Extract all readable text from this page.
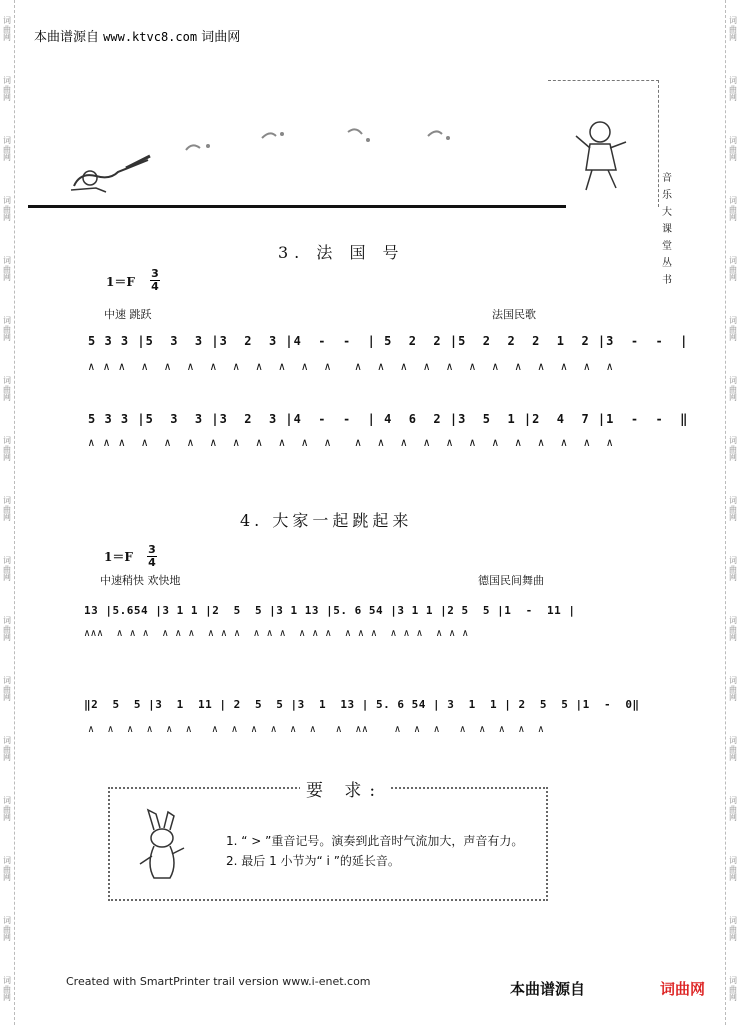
词
曲
网
词
曲
网
词
曲
网
词
曲
网
词
曲
网
词
曲
网
词
曲
网
词
曲
网
词
曲
网
词
曲
网
词
曲
网
词
曲
网
词
曲
网
词
曲
网
词
曲
网
词
曲
网
词
曲
网
词
曲
网
词
曲
网
词
曲
网
词
曲
网
词
曲
网
词
曲
网
词
曲
网
词
曲
网
词
曲
网
词
曲
网
词
曲
网
词
曲
网
词
曲
网
词
曲
网
词
曲
网
词
曲
网
词
曲
网
本曲谱源自 www.ktvc8.com 词曲网
音
乐
大
课
堂
丛
书
3. 法 国 号
1＝F
3
4
中速 跳跃	法国民歌
5 3 3 |5  3  3 |3  2  3 |4  -  -  | 5  2  2 |5  2  2  2  1  2 |3  -  -  |
∧ ∧ ∧  ∧  ∧  ∧  ∧  ∧  ∧  ∧  ∧  ∧   ∧  ∧  ∧  ∧  ∧  ∧  ∧  ∧  ∧  ∧  ∧  ∧
5 3 3 |5  3  3 |3  2  3 |4  -  -  | 4  6  2 |3  5  1 |2  4  7 |1  -  -  ‖
∧ ∧ ∧  ∧  ∧  ∧  ∧  ∧  ∧  ∧  ∧  ∧   ∧  ∧  ∧  ∧  ∧  ∧  ∧  ∧  ∧  ∧  ∧  ∧
4. 大家一起跳起来
1＝F
3
4
中速稍快 欢快地	德国民间舞曲
13 |5.654 |3 1 1 |2  5  5 |3 1 13 |5. 6 54 |3 1 1 |2 5  5 |1  -  11 |
∧∧∧  ∧ ∧ ∧  ∧ ∧ ∧  ∧ ∧ ∧  ∧ ∧ ∧  ∧ ∧ ∧  ∧ ∧ ∧  ∧ ∧ ∧  ∧ ∧ ∧
‖2  5  5 |3  1  11 | 2  5  5 |3  1  13 | 5. 6 54 | 3  1  1 | 2  5  5 |1  -  0‖
∧  ∧  ∧  ∧  ∧  ∧   ∧  ∧  ∧  ∧  ∧  ∧   ∧  ∧∧    ∧  ∧  ∧   ∧  ∧  ∧  ∧  ∧
要 求:
1. “ > ”重音记号。演奏到此音时气流加大，声音有力。
2. 最后 1 小节为“ i ”的延长音。
Created with SmartPrinter trail version www.i-enet.com	本曲谱源自	词曲网
